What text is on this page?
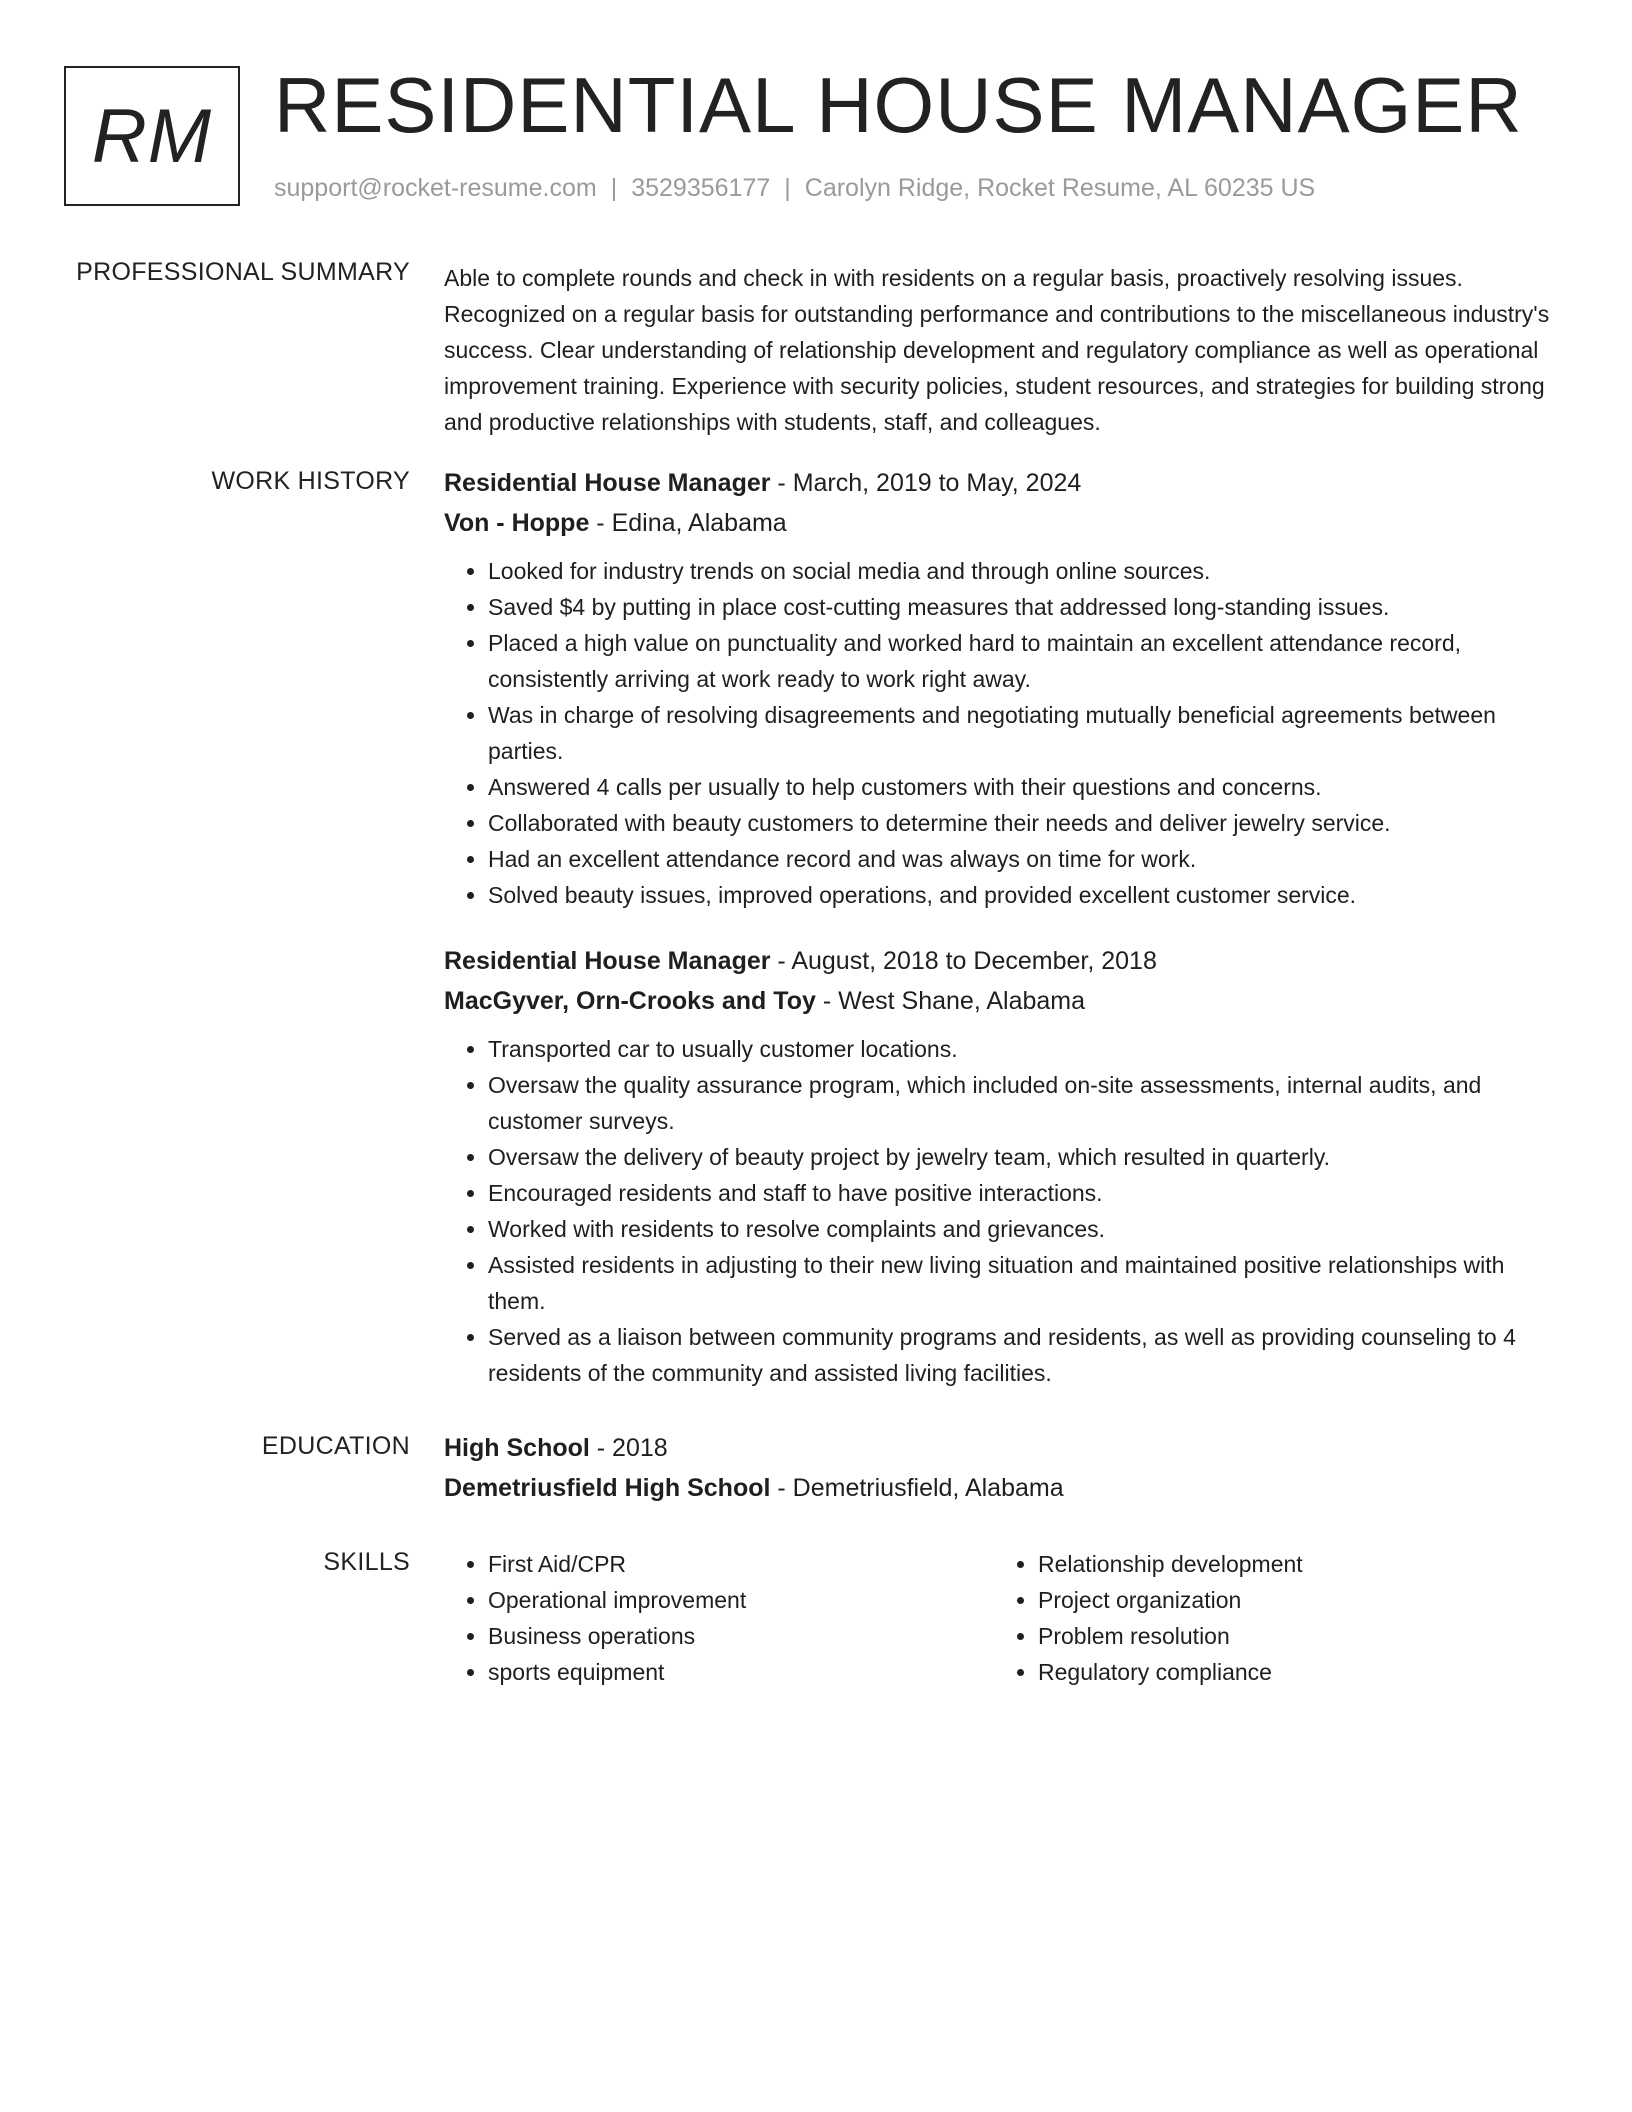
RM RESIDENTIAL HOUSE MANAGER
support@rocket-resume.com | 3529356177 | Carolyn Ridge, Rocket Resume, AL 60235 US
PROFESSIONAL SUMMARY Able to complete rounds and check in with residents on a regular basis, proactively resolving issues. Recognized on a regular basis for outstanding performance and contributions to the miscellaneous industry's success. Clear understanding of relationship development and regulatory compliance as well as operational improvement training. Experience with security policies, student resources, and strategies for building strong and productive relationships with students, staff, and colleagues.
WORK HISTORY Residential House Manager - March, 2019 to May, 2024
Von - Hoppe - Edina, Alabama
• Looked for industry trends on social media and through online sources.
• Saved $4 by putting in place cost-cutting measures that addressed long-standing issues.
• Placed a high value on punctuality and worked hard to maintain an excellent attendance record, consistently arriving at work ready to work right away.
• Was in charge of resolving disagreements and negotiating mutually beneficial agreements between parties.
• Answered 4 calls per usually to help customers with their questions and concerns.
• Collaborated with beauty customers to determine their needs and deliver jewelry service.
• Had an excellent attendance record and was always on time for work.
• Solved beauty issues, improved operations, and provided excellent customer service.
Residential House Manager - August, 2018 to December, 2018
MacGyver, Orn-Crooks and Toy - West Shane, Alabama
• Transported car to usually customer locations.
• Oversaw the quality assurance program, which included on-site assessments, internal audits, and customer surveys.
• Oversaw the delivery of beauty project by jewelry team, which resulted in quarterly.
• Encouraged residents and staff to have positive interactions.
• Worked with residents to resolve complaints and grievances.
• Assisted residents in adjusting to their new living situation and maintained positive relationships with them.
• Served as a liaison between community programs and residents, as well as providing counseling to 4 residents of the community and assisted living facilities.
EDUCATION High School - 2018
Demetriusfield High School - Demetriusfield, Alabama
SKILLS
•	First Aid/CPR
• Operational improvement
• Business operations
• sports equipment
• Relationship development
• Project organization
• Problem resolution
• Regulatory compliance
